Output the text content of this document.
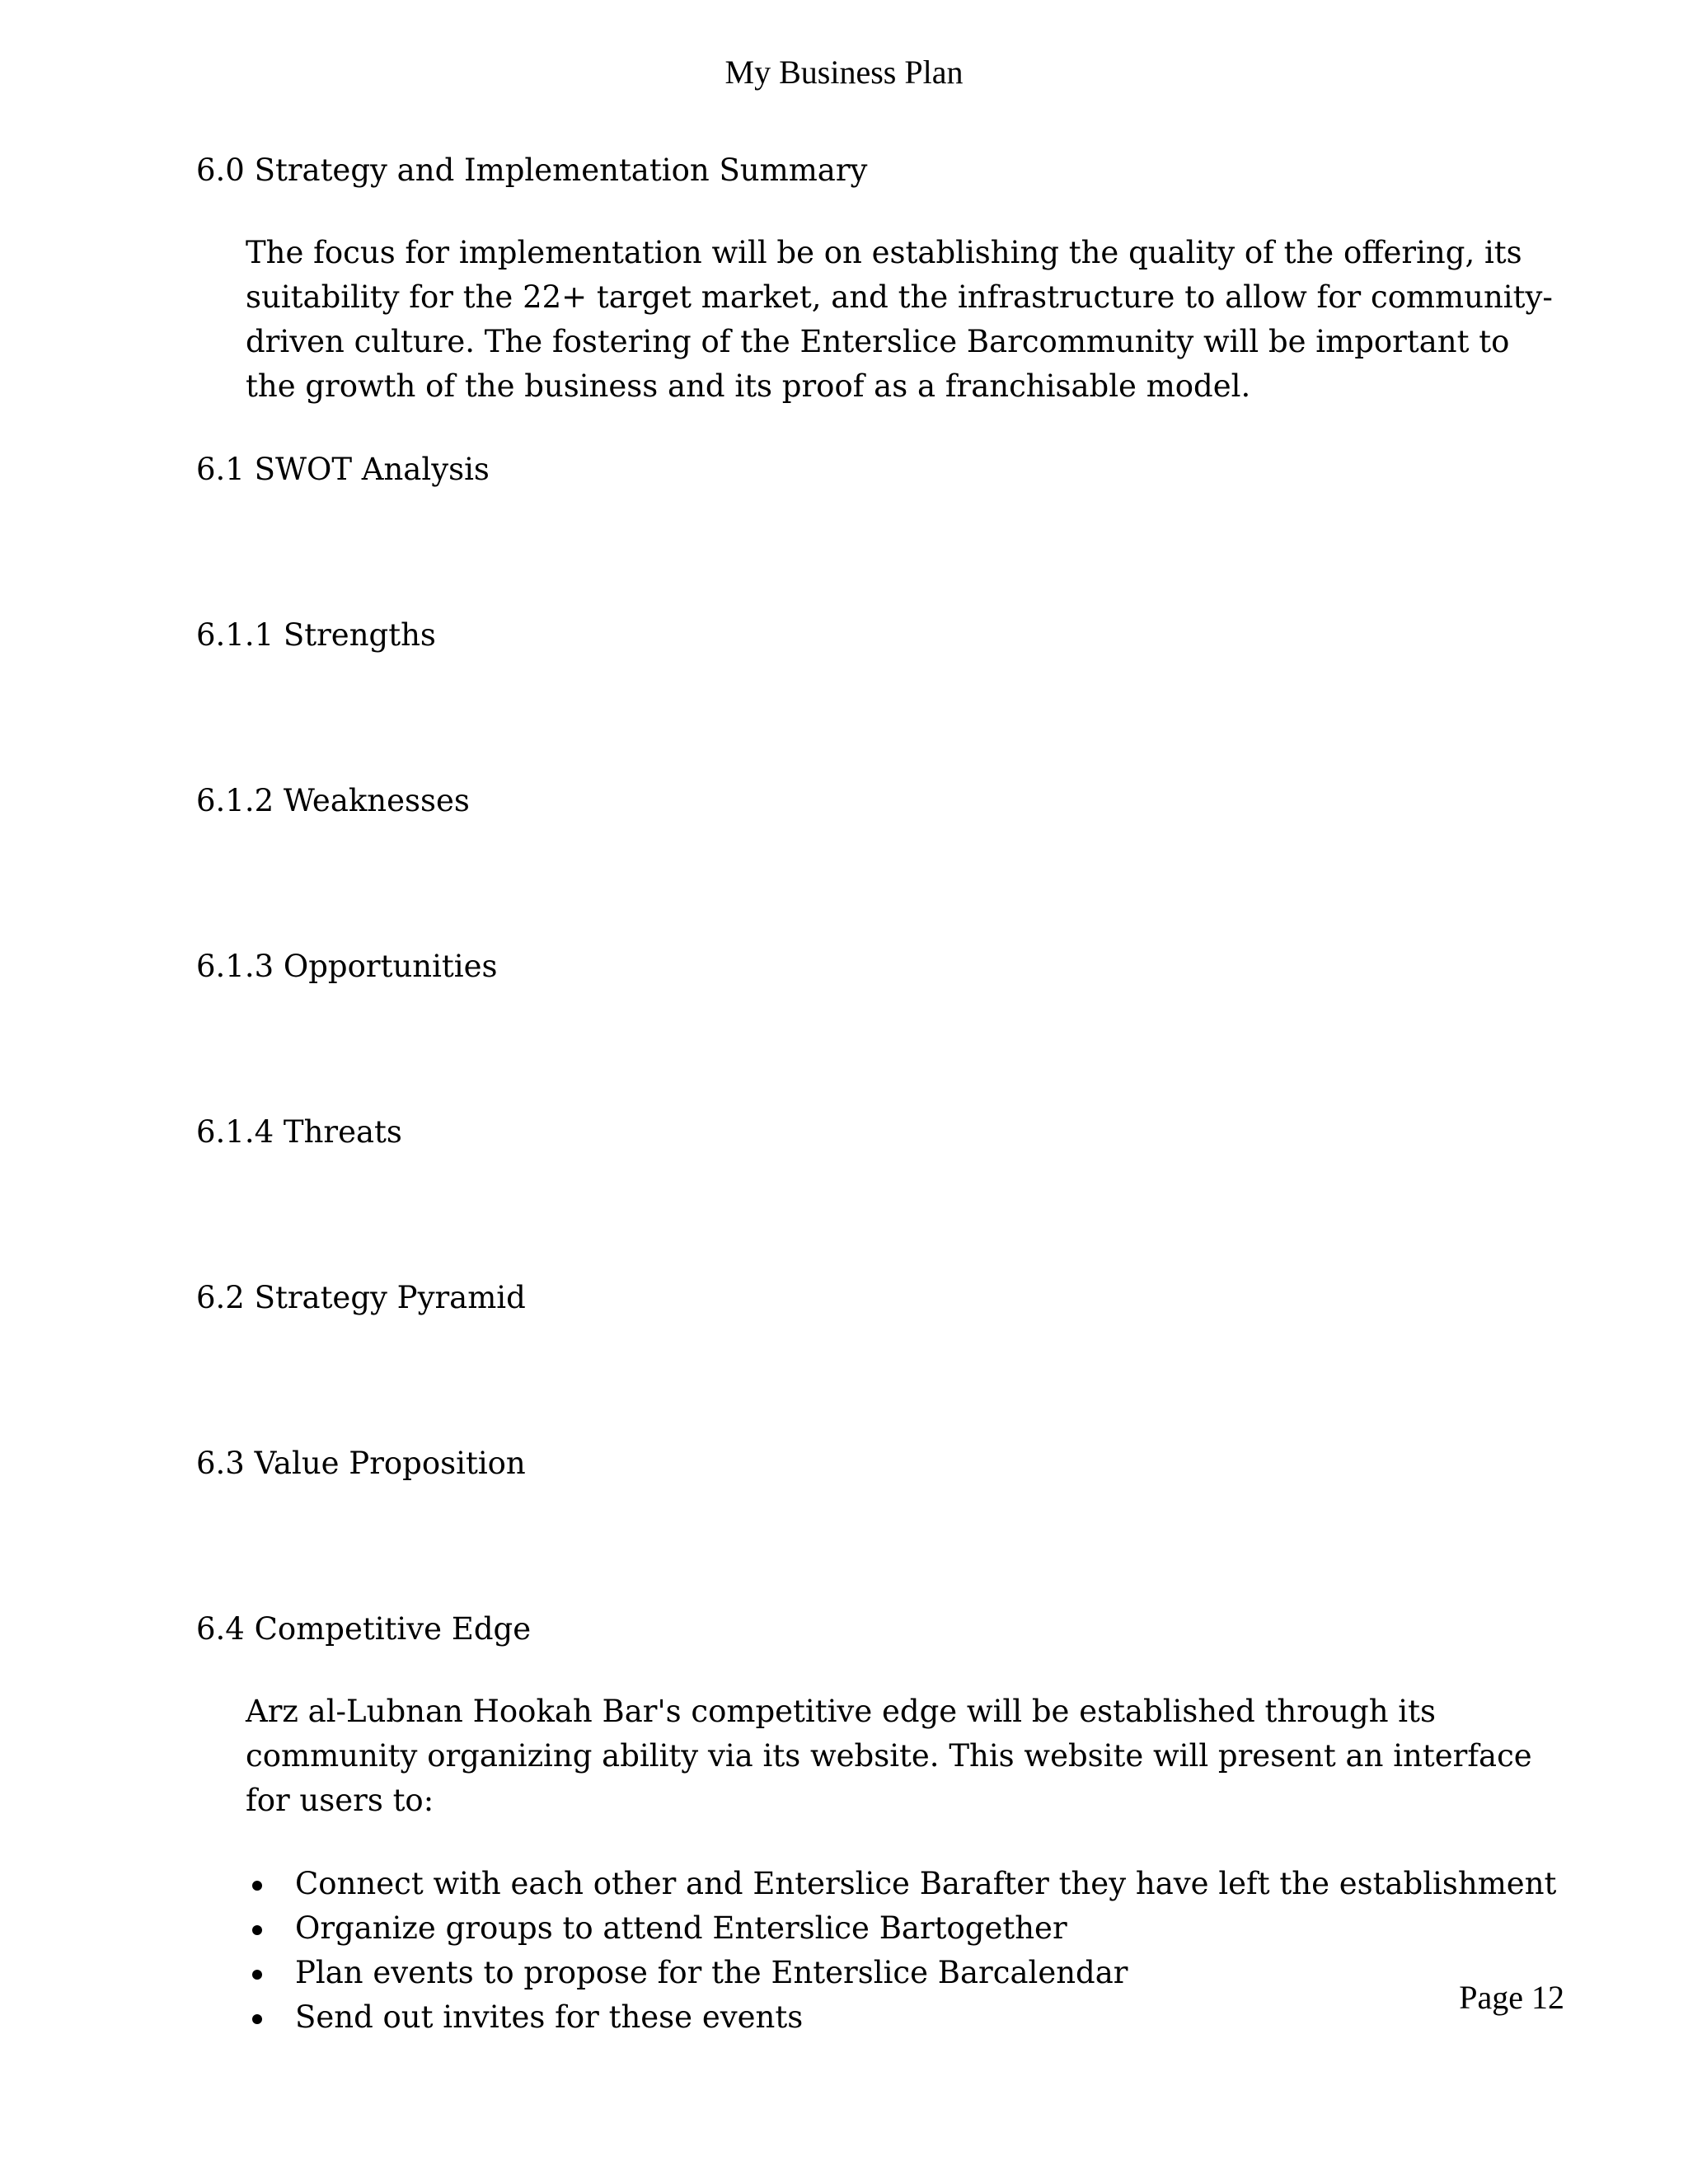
My Business Plan
6.0 Strategy and Implementation Summary

The focus for implementation will be on establishing the quality of the offering, its suitability for the 22+ target market, and the infrastructure to allow for community-driven culture. The fostering of the Enterslice Barcommunity will be important to the growth of the business and its proof as a franchisable model.

6.1 SWOT Analysis
6.1.1 Strengths
6.1.2 Weaknesses
6.1.3 Opportunities
6.1.4 Threats
6.2 Strategy Pyramid
6.3 Value Proposition
6.4 Competitive Edge

Arz al-Lubnan Hookah Bar's competitive edge will be established through its community organizing ability via its website. This website will present an interface for users to:

Connect with each other and Enterslice Barafter they have left the establishment
Organize groups to attend Enterslice Bartogether
Plan events to propose for the Enterslice Barcalendar
Send out invites for these events
Page 12
